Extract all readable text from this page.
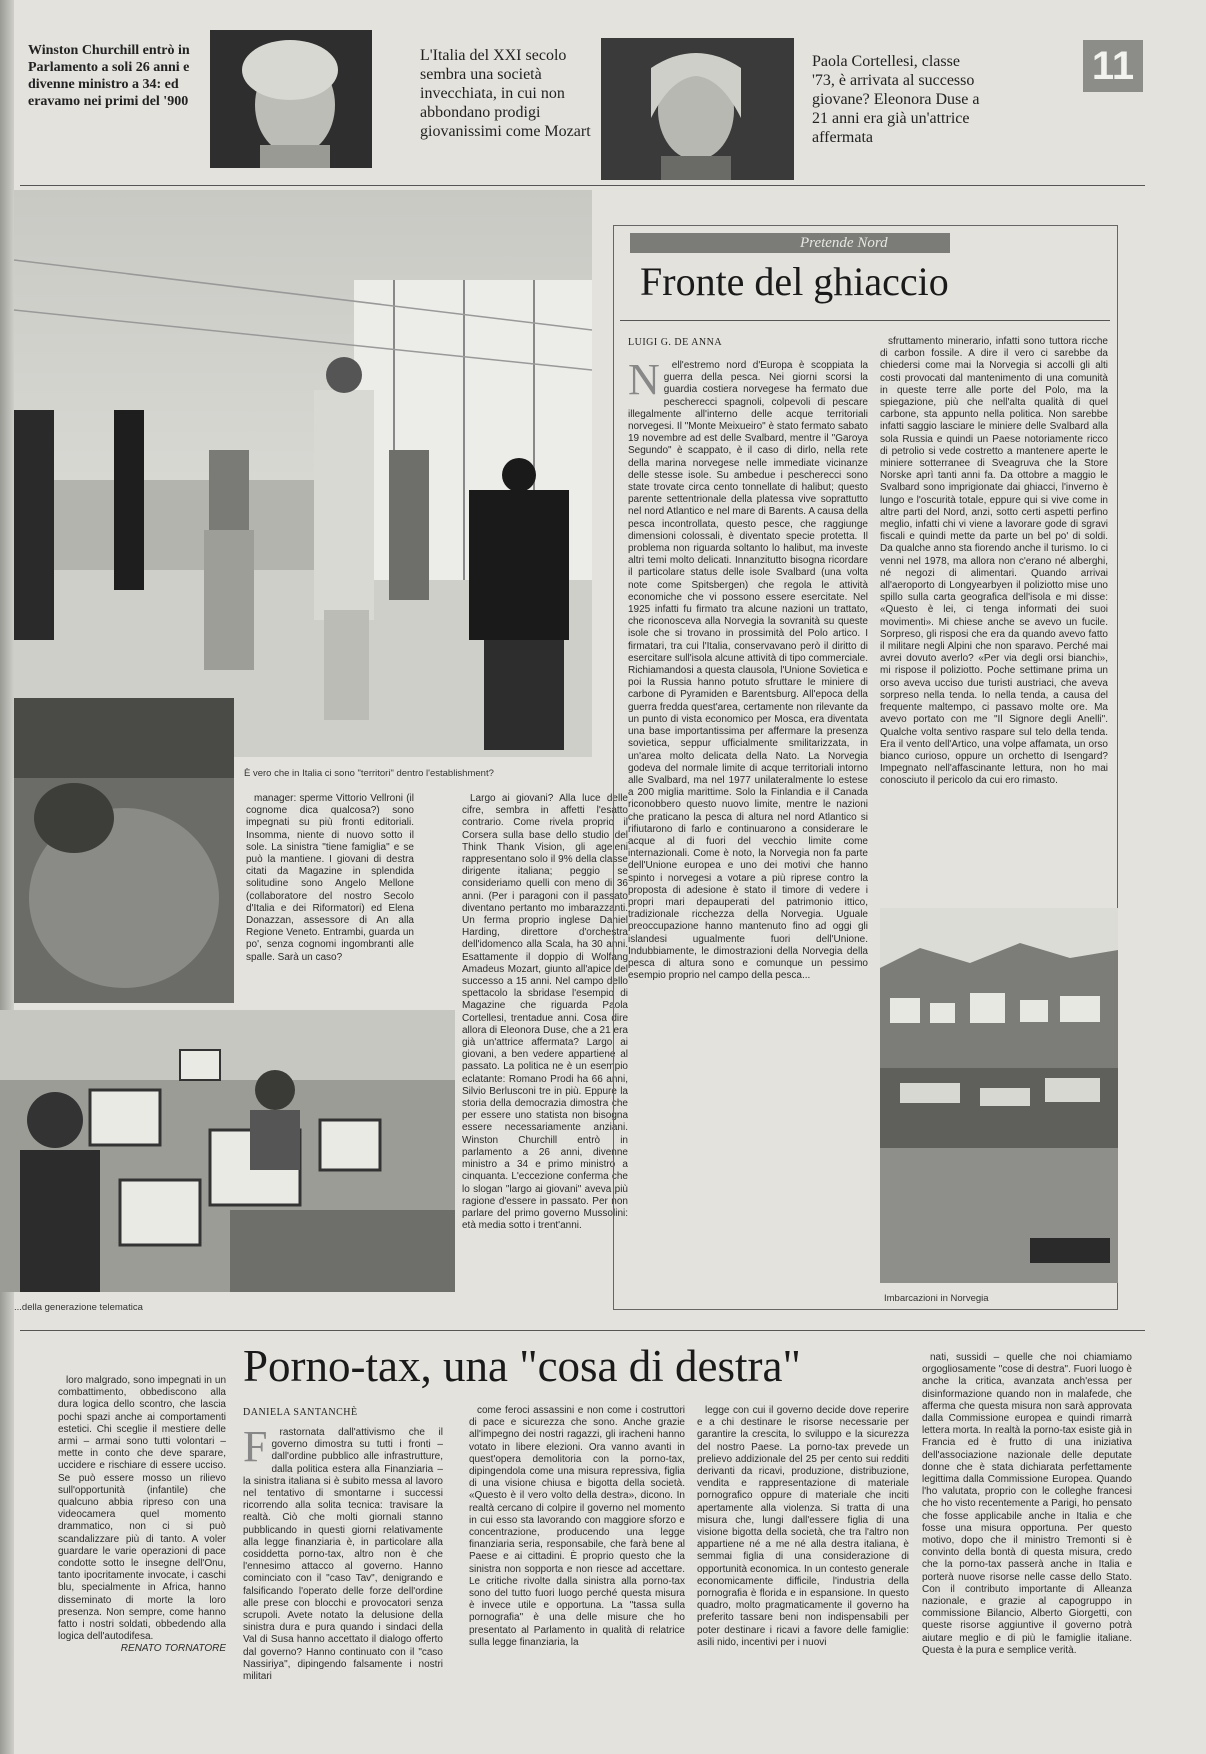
Winston Churchill entrò in Parlamento a soli 26 anni e divenne ministro a 34: ed eravamo nei primi del '900
L'Italia del XXI secolo sembra una società invecchiata, in cui non abbondano prodigi giovanissimi come Mozart
Paola Cortellesi, classe '73, è arrivata al successo giovane? Eleonora Duse a 21 anni era già un'attrice affermata
11
È vero che in Italia ci sono "territori" dentro l'establishment?

manager: sperme Vittorio Vellroni (il cognome dica qualcosa?) sono impegnati su più fronti editoriali. Insomma, niente di nuovo sotto il sole. La sinistra "tiene famiglia" e se può la mantiene. I giovani di destra citati da Magazine in splendida solitudine sono Angelo Mellone (collaboratore del nostro Secolo d'Italia e dei Riformatori) ed Elena Donazzan, assessore di An alla Regione Veneto. Entrambi, guarda un po', senza cognomi ingombranti alle spalle. Sarà un caso?

Largo ai giovani? Alla luce delle cifre, sembra in affetti l'esatto contrario. Come rivela proprio il Corsera sulla base dello studio del Think Thank Vision, gli ageleni rappresentano solo il 9% della classe dirigente italiana; peggio se consideriamo quelli con meno di 36 anni. (Per i paragoni con il passato diventano pertanto mo imbarazzanti. Un ferma proprio inglese Daniel Harding, direttore d'orchestra dell'idomenco alla Scala, ha 30 anni. Esattamente il doppio di Wolfang Amadeus Mozart, giunto all'apice del successo a 15 anni. Nel campo dello spettacolo la sbridase l'esempio di Magazine che riguarda Paola Cortellesi, trentadue anni. Cosa dire allora di Eleonora Duse, che a 21 era già un'attrice affermata? Largo ai giovani, a ben vedere appartiene al passato. La politica ne è un esempio eclatante: Romano Prodi ha 66 anni, Silvio Berlusconi tre in più. Eppure la storia della democrazia dimostra che per essere uno statista non bisogna essere necessariamente anziani. Winston Churchill entrò in parlamento a 26 anni, divenne ministro a 34 e primo ministro a cinquanta. L'eccezione conferma che lo slogan "largo ai giovani" aveva più ragione d'essere in passato. Per non parlare del primo governo Mussolini: età media sotto i trent'anni.

...della generazione telematica
Pretende Nord
Fronte del ghiaccio
LUIGI G. DE ANNA
N	ell'estremo nord d'Europa è scoppiata la guerra della pesca. Nei giorni scorsi la guardia costiera norvegese ha fermato due pescherecci spagnoli, colpevoli di pescare illegalmente all'interno delle acque territoriali norvegesi. Il "Monte Meixueiro" è stato fermato sabato 19 novembre ad est delle Svalbard, mentre il "Garoya Segundo" è scappato, è il caso di dirlo, nella rete della marina norvegese nelle immediate vicinanze delle stesse isole. Su ambedue i pescherecci sono state trovate circa cento tonnellate di halibut; questo parente settentrionale della platessa vive soprattutto nel nord Atlantico e nel mare di Barents. A causa della pesca incontrollata, questo pesce, che raggiunge dimensioni colossali, è diventato specie protetta. Il problema non riguarda soltanto lo halibut, ma investe altri temi molto delicati. Innanzitutto bisogna ricordare il particolare status delle isole Svalbard (una volta note come Spitsbergen) che regola le attività economiche che vi possono essere esercitate. Nel 1925 infatti fu firmato tra alcune nazioni un trattato, che riconosceva alla Norvegia la sovranità su queste isole che si trovano in prossimità del Polo artico. I firmatari, tra cui l'Italia, conservavano però il diritto di esercitare sull'isola alcune attività di tipo commerciale. Richiamandosi a questa clausola, l'Unione Sovietica e poi la Russia hanno potuto sfruttare le miniere di carbone di Pyramiden e Barentsburg. All'epoca della guerra fredda quest'area, certamente non rilevante da un punto di vista economico per Mosca, era diventata una base importantissima per affermare la presenza sovietica, seppur ufficialmente smilitarizzata, in un'area molto delicata della Nato. La Norvegia godeva del normale limite di acque territoriali intorno alle Svalbard, ma nel 1977 unilateralmente lo estese a 200 miglia marittime. Solo la Finlandia e il Canada riconobbero questo nuovo limite, mentre le nazioni che praticano la pesca di altura nel nord Atlantico si rifiutarono di farlo e continuarono a considerare le acque al di fuori del vecchio limite come internazionali. Come è noto, la Norvegia non fa parte dell'Unione europea e uno dei motivi che hanno spinto i norvegesi a votare a più riprese contro la proposta di adesione è stato il timore di vedere i propri mari depauperati del patrimonio ittico, tradizionale ricchezza della Norvegia. Uguale preoccupazione hanno mantenuto fino ad oggi gli islandesi ugualmente fuori dell'Unione. Indubbiamente, le dimostrazioni della Norvegia della pesca di altura sono e comunque un pessimo esempio proprio nel campo della pesca...

sfruttamento minerario, infatti sono tuttora ricche di carbon fossile. A dire il vero ci sarebbe da chiedersi come mai la Norvegia si accolli gli alti costi provocati dal mantenimento di una comunità in queste terre alle porte del Polo, ma la spiegazione, più che nell'alta qualità di quel carbone, sta appunto nella politica. Non sarebbe infatti saggio lasciare le miniere delle Svalbard alla sola Russia e quindi un Paese notoriamente ricco di petrolio si vede costretto a mantenere aperte le miniere sotterranee di Sveagruva che la Store Norske aprì tanti anni fa. Da ottobre a maggio le Svalbard sono imprigionate dai ghiacci, l'inverno è lungo e l'oscurità totale, eppure qui si vive come in altre parti del Nord, anzi, sotto certi aspetti perfino meglio, infatti chi vi viene a lavorare gode di sgravi fiscali e quindi mette da parte un bel po' di soldi. Da qualche anno sta fiorendo anche il turismo. Io ci venni nel 1978, ma allora non c'erano né alberghi, né negozi di alimentari. Quando arrivai all'aeroporto di Longyearbyen il poliziotto mise uno spillo sulla carta geografica dell'isola e mi disse: «Questo è lei, ci tenga informati dei suoi movimenti». Mi chiese anche se avevo un fucile. Sorpreso, gli risposi che era da quando avevo fatto il militare negli Alpini che non sparavo. Perché mai avrei dovuto averlo? «Per via degli orsi bianchi», mi rispose il poliziotto. Poche settimane prima un orso aveva ucciso due turisti austriaci, che aveva sorpreso nella tenda. Io nella tenda, a causa del frequente maltempo, ci passavo molte ore. Ma avevo portato con me "Il Signore degli Anelli". Qualche volta sentivo raspare sul telo della tenda. Era il vento dell'Artico, una volpe affamata, un orso bianco curioso, oppure un orchetto di Isengard? Impegnato nell'affascinante lettura, non ho mai conosciuto il pericolo da cui ero rimasto.

Imbarcazioni in Norvegia
Porno-tax, una "cosa di destra"
DANIELA SANTANCHÈ

loro malgrado, sono impegnati in un combattimento, obbediscono alla dura logica dello scontro, che lascia pochi spazi anche ai comportamenti estetici. Chi sceglie il mestiere delle armi – armai sono tutti volontari – mette in conto che deve sparare, uccidere e rischiare di essere ucciso. Se può essere mosso un rilievo sull'opportunità (infantile) che qualcuno abbia ripreso con una videocamera quel momento drammatico, non ci si può scandalizzare più di tanto. A voler guardare le varie operazioni di pace condotte sotto le insegne dell'Onu, tanto ipocritamente invocate, i caschi blu, specialmente in Africa, hanno disseminato di morte la loro presenza. Non sempre, come hanno fatto i nostri soldati, obbedendo alla logica dell'autodifesa.

RENATO TORNATORE

F	rastornata dall'attivismo che il governo dimostra su tutti i fronti – dall'ordine pubblico alle infrastrutture, dalla politica estera alla Finanziaria – la sinistra italiana si è subito messa al lavoro nel tentativo di smontarne i successi ricorrendo alla solita tecnica: travisare la realtà. Ciò che molti giornali stanno pubblicando in questi giorni relativamente alla legge finanziaria è, in particolare alla cosiddetta porno-tax, altro non è che l'ennesimo attacco al governo. Hanno cominciato con il "caso Tav", denigrando e falsificando l'operato delle forze dell'ordine alle prese con blocchi e provocatori senza scrupoli. Avete notato la delusione della sinistra dura e pura quando i sindaci della Val di Susa hanno accettato il dialogo offerto dal governo? Hanno continuato con il "caso Nassiriya", dipingendo falsamente i nostri militari

come feroci assassini e non come i costruttori di pace e sicurezza che sono. Anche grazie all'impegno dei nostri ragazzi, gli iracheni hanno votato in libere elezioni. Ora vanno avanti in quest'opera demolitoria con la porno-tax, dipingendola come una misura repressiva, figlia di una visione chiusa e bigotta della società. «Questo è il vero volto della destra», dicono. In realtà cercano di colpire il governo nel momento in cui esso sta lavorando con maggiore sforzo e concentrazione, producendo una legge finanziaria seria, responsabile, che farà bene al Paese e ai cittadini. È proprio questo che la sinistra non sopporta e non riesce ad accettare. Le critiche rivolte dalla sinistra alla porno-tax sono del tutto fuori luogo perché questa misura è invece utile e opportuna. La "tassa sulla pornografia" è una delle misure che ho presentato al Parlamento in qualità di relatrice sulla legge finanziaria, la

legge con cui il governo decide dove reperire e a chi destinare le risorse necessarie per garantire la crescita, lo sviluppo e la sicurezza del nostro Paese. La porno-tax prevede un prelievo addizionale del 25 per cento sui redditi derivanti da ricavi, produzione, distribuzione, vendita e rappresentazione di materiale pornografico oppure di materiale che inciti apertamente alla violenza. Si tratta di una misura che, lungi dall'essere figlia di una visione bigotta della società, che tra l'altro non appartiene né a me né alla destra italiana, è semmai figlia di una considerazione di opportunità economica. In un contesto generale economicamente difficile, l'industria della pornografia è florida e in espansione. In questo quadro, molto pragmaticamente il governo ha preferito tassare beni non indispensabili per poter destinare i ricavi a favore delle famiglie: asili nido, incentivi per i nuovi

nati, sussidi – quelle che noi chiamiamo orgogliosamente "cose di destra". Fuori luogo è anche la critica, avanzata anch'essa per disinformazione quando non in malafede, che afferma che questa misura non sarà approvata dalla Commissione europea e quindi rimarrà lettera morta. In realtà la porno-tax esiste già in Francia ed è frutto di una iniziativa dell'associazione nazionale delle deputate donne che è stata dichiarata perfettamente legittima dalla Commissione Europea. Quando l'ho valutata, proprio con le colleghe francesi che ho visto recentemente a Parigi, ho pensato che fosse applicabile anche in Italia e che fosse una misura opportuna. Per questo motivo, dopo che il ministro Tremonti si è convinto della bontà di questa misura, credo che la porno-tax passerà anche in Italia e porterà nuove risorse nelle casse dello Stato. Con il contributo importante di Alleanza nazionale, e grazie al capogruppo in commissione Bilancio, Alberto Giorgetti, con queste risorse aggiuntive il governo potrà aiutare meglio e di più le famiglie italiane. Questa è la pura e semplice verità.
